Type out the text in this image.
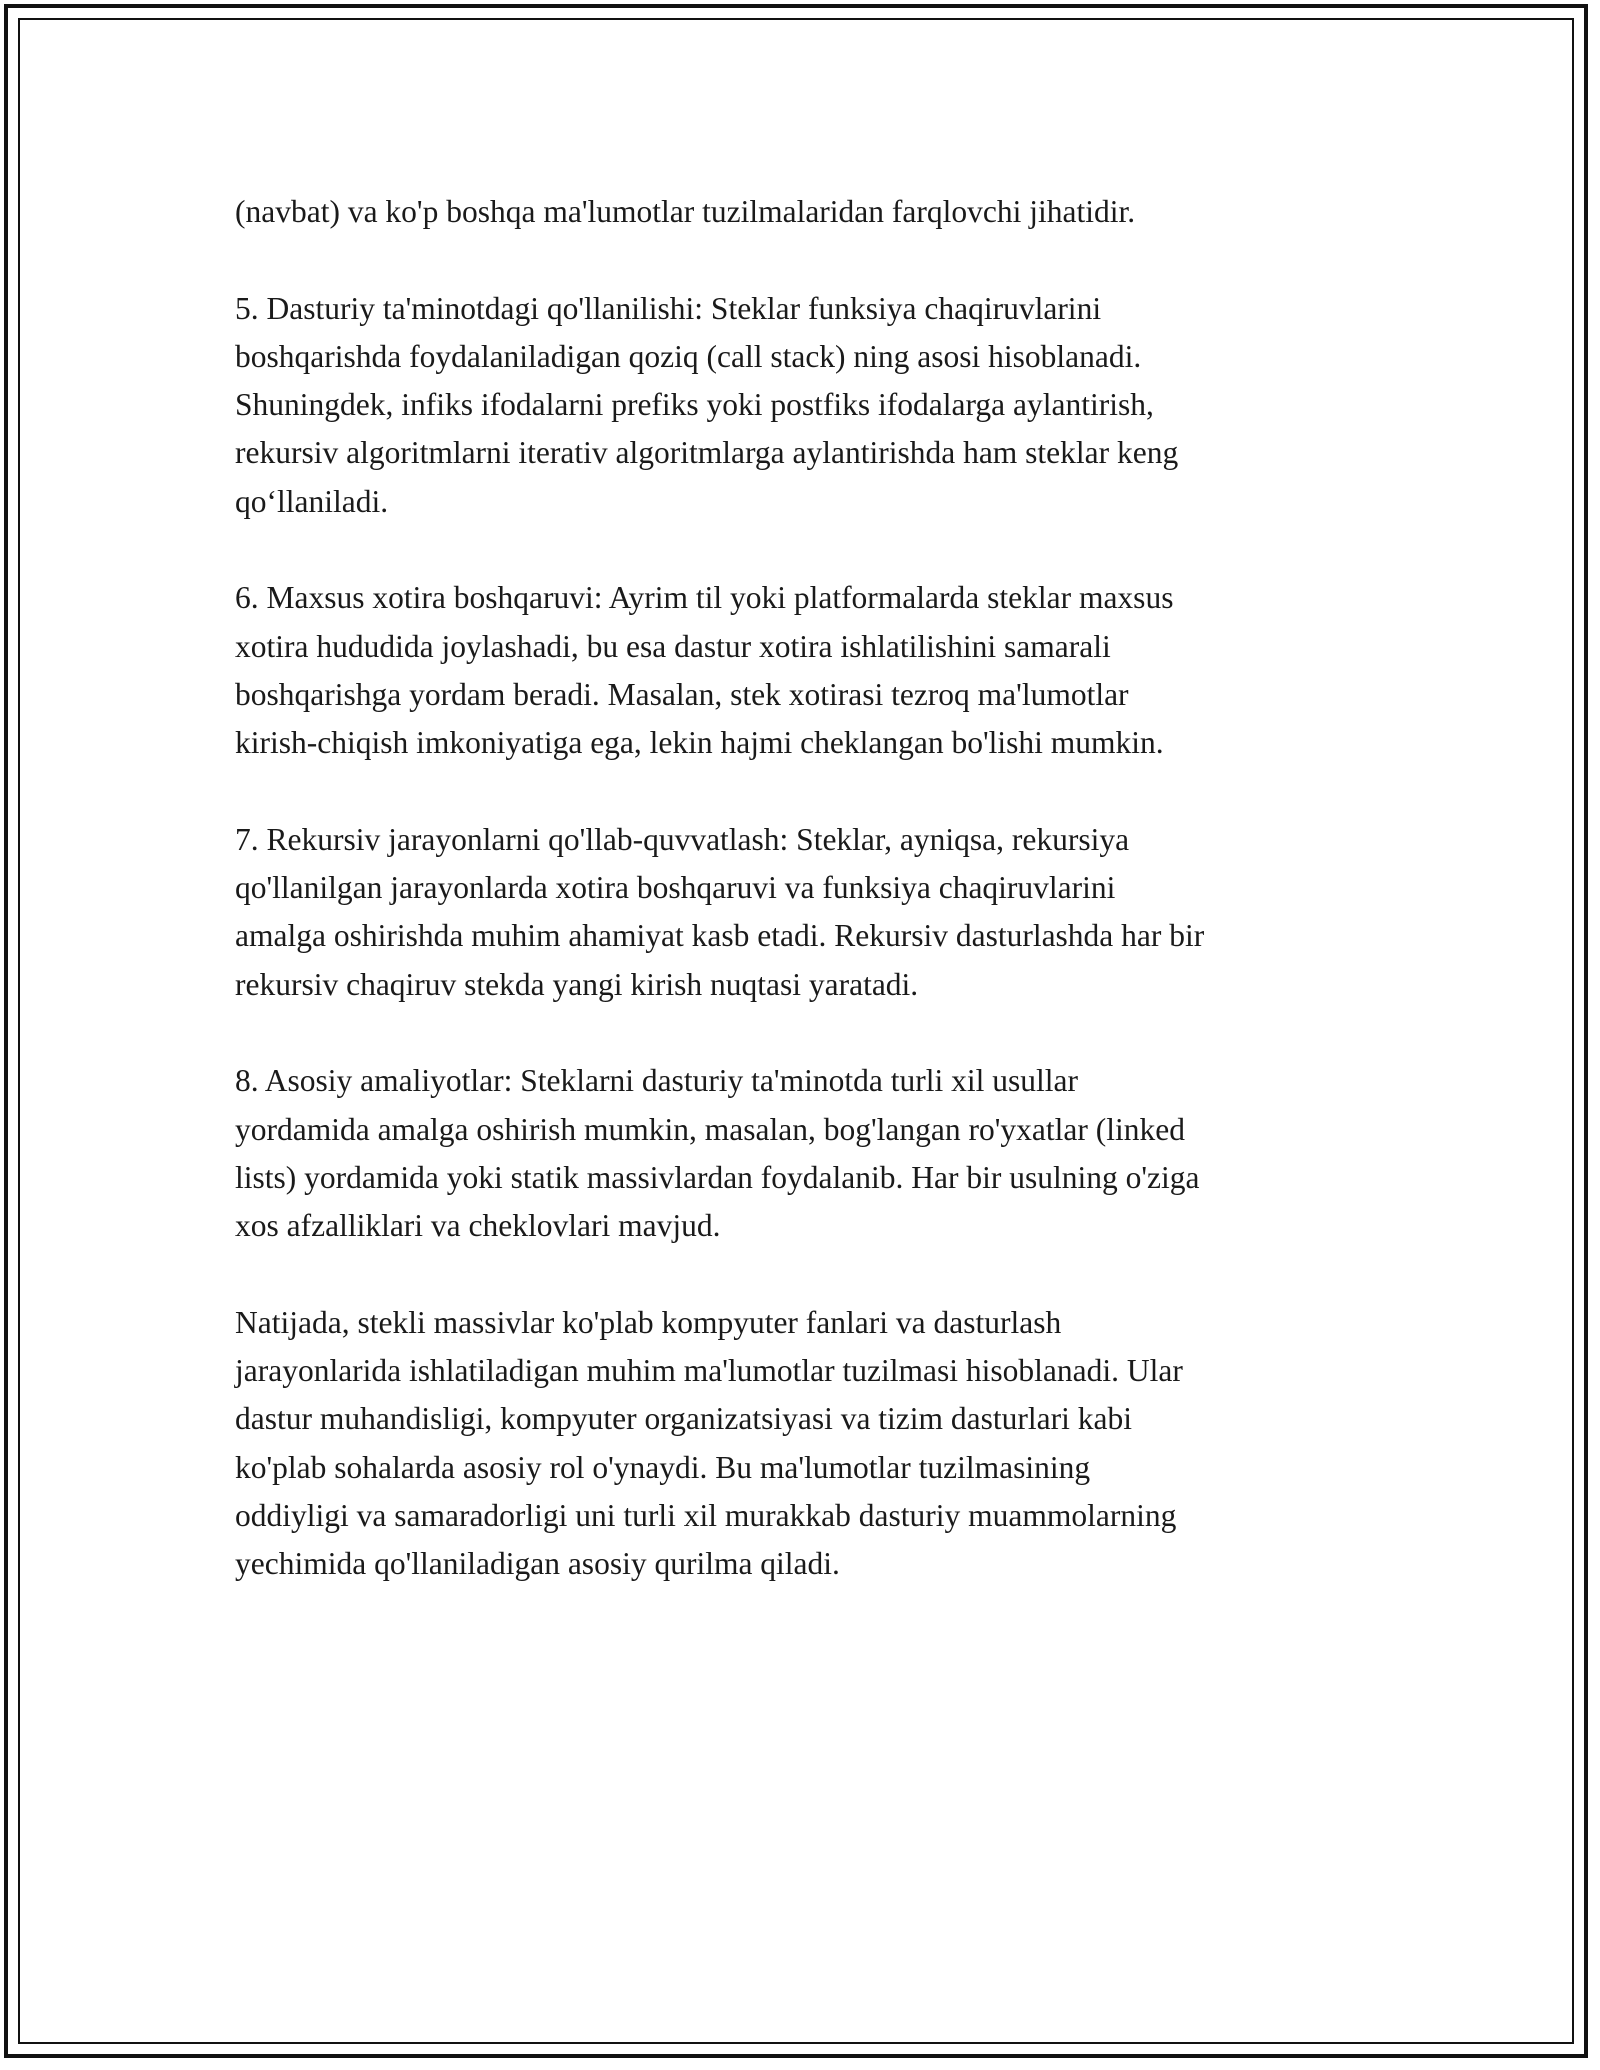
(navbat) va ko'p boshqa ma'lumotlar tuzilmalaridan farqlovchi jihatidir.

5. Dasturiy ta'minotdagi qo'llanilishi: Steklar funksiya chaqiruvlarini
boshqarishda foydalaniladigan qoziq (call stack) ning asosi hisoblanadi.
Shuningdek, infiks ifodalarni prefiks yoki postfiks ifodalarga aylantirish,
rekursiv algoritmlarni iterativ algoritmlarga aylantirishda ham steklar keng
qo‘llaniladi.

6. Maxsus xotira boshqaruvi: Ayrim til yoki platformalarda steklar maxsus
xotira hududida joylashadi, bu esa dastur xotira ishlatilishini samarali
boshqarishga yordam beradi. Masalan, stek xotirasi tezroq ma'lumotlar
kirish-chiqish imkoniyatiga ega, lekin hajmi cheklangan bo'lishi mumkin.

7. Rekursiv jarayonlarni qo'llab-quvvatlash: Steklar, ayniqsa, rekursiya
qo'llanilgan jarayonlarda xotira boshqaruvi va funksiya chaqiruvlarini
amalga oshirishda muhim ahamiyat kasb etadi. Rekursiv dasturlashda har bir
rekursiv chaqiruv stekda yangi kirish nuqtasi yaratadi.

8. Asosiy amaliyotlar: Steklarni dasturiy ta'minotda turli xil usullar
yordamida amalga oshirish mumkin, masalan, bog'langan ro'yxatlar (linked
lists) yordamida yoki statik massivlardan foydalanib. Har bir usulning o'ziga
xos afzalliklari va cheklovlari mavjud.

Natijada, stekli massivlar ko'plab kompyuter fanlari va dasturlash
jarayonlarida ishlatiladigan muhim ma'lumotlar tuzilmasi hisoblanadi. Ular
dastur muhandisligi, kompyuter organizatsiyasi va tizim dasturlari kabi
ko'plab sohalarda asosiy rol o'ynaydi. Bu ma'lumotlar tuzilmasining
oddiyligi va samaradorligi uni turli xil murakkab dasturiy muammolarning
yechimida qo'llaniladigan asosiy qurilma qiladi.
